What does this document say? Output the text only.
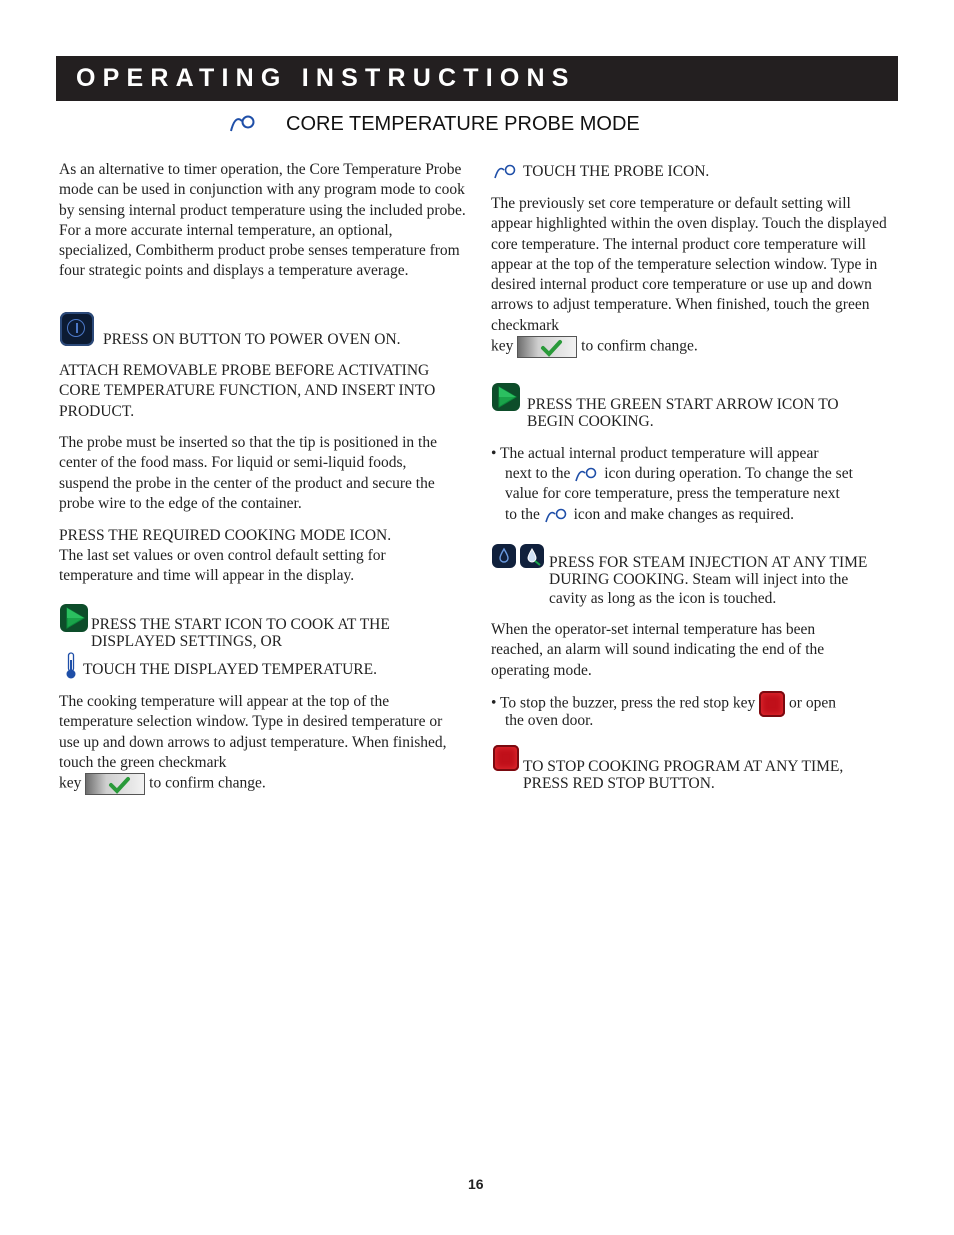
OPERATING INSTRUCTIONS
CORE TEMPERATURE PROBE MODE
As an alternative to timer operation, the Core Temperature Probe mode can be used in conjunction with any program mode to cook by sensing internal product temperature using the included probe. For a more accurate internal temperature, an optional, specialized, Combitherm product probe senses temperature from four strategic points and displays a temperature average.
PRESS ON BUTTON TO POWER OVEN ON.
ATTACH REMOVABLE PROBE BEFORE ACTIVATING CORE TEMPERATURE FUNCTION, AND INSERT INTO PRODUCT.
The probe must be inserted so that the tip is positioned in the center of the food mass. For liquid or semi-liquid foods, suspend the probe in the center of the product and secure the probe wire to the edge of the container.
PRESS THE REQUIRED COOKING MODE ICON.
The last set values or oven control default setting for temperature and time will appear in the display.
PRESS THE START ICON TO COOK AT THE
DISPLAYED SETTINGS, OR
TOUCH THE DISPLAYED TEMPERATURE.
The cooking temperature will appear at the top of the temperature selection window. Type in desired temperature or use up and down arrows to adjust temperature. When finished, touch the green checkmark
key	to confirm change.
TOUCH THE PROBE ICON.
The previously set core temperature or default setting will appear highlighted within the oven display. Touch the displayed core temperature. The internal product core temperature will appear at the top of the temperature selection window. Type in desired internal product core temperature or use up and down arrows to adjust temperature. When finished, touch the green checkmark
key	to confirm change.
PRESS THE GREEN START ARROW ICON TO
BEGIN COOKING.
• The actual internal product temperature will appear
next to the icon during operation. To change the set
value for core temperature, press the temperature next
to the icon and make changes as required.
PRESS FOR STEAM INJECTION AT ANY TIME
DURING COOKING. Steam will inject into the
cavity as long as the icon is touched.
When the operator-set internal temperature has been reached, an alarm will sound indicating the end of the operating mode.
• To stop the buzzer, press the red stop key or open
the oven door.
TO STOP COOKING PROGRAM AT ANY TIME,
PRESS RED STOP BUTTON.
16
